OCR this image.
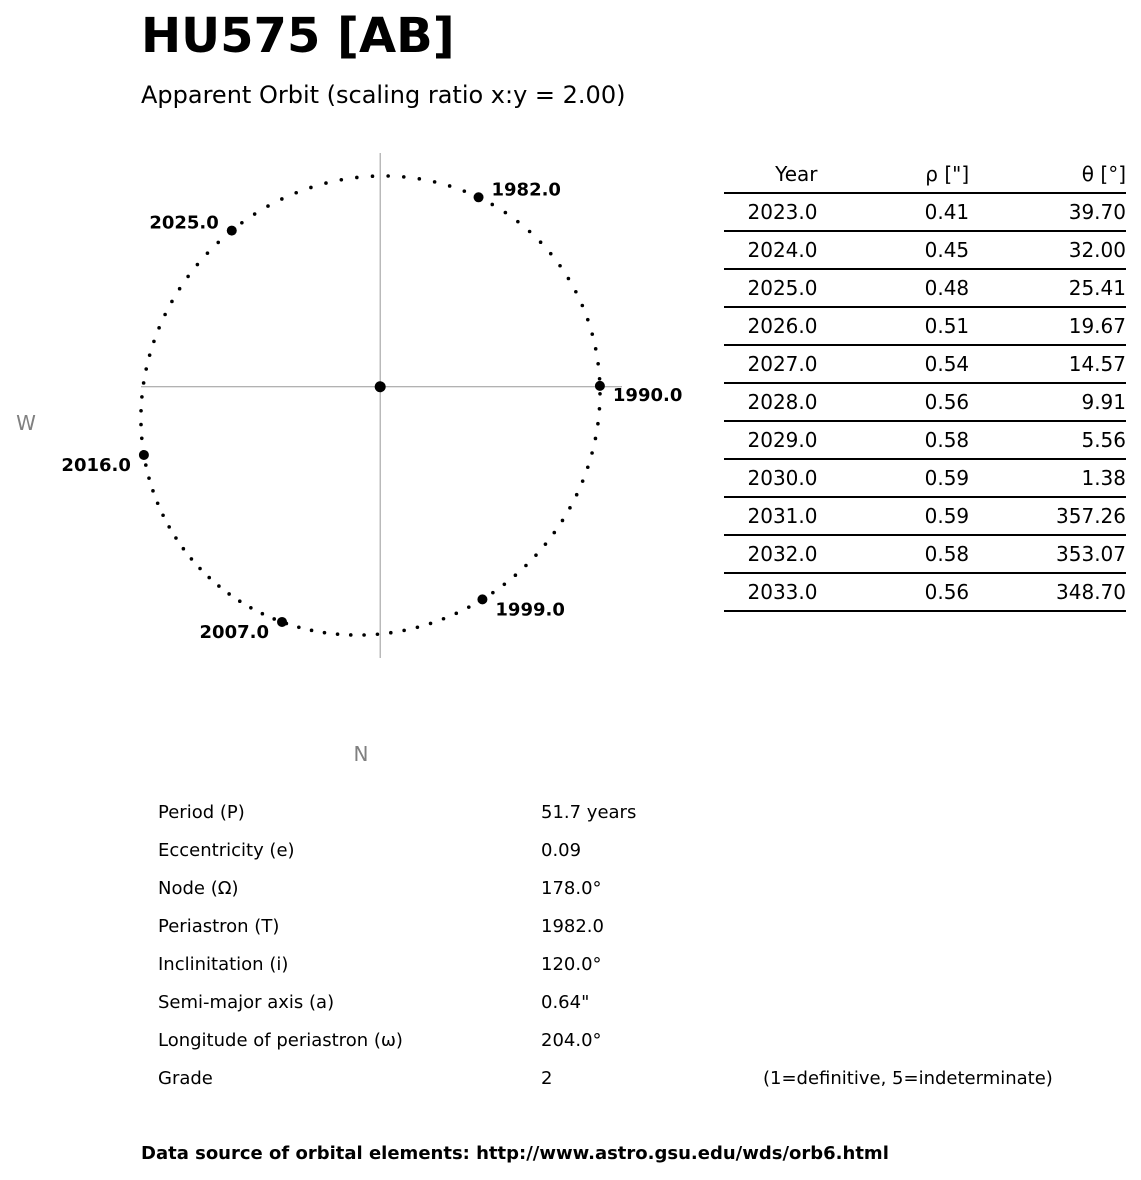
HU575 [AB]
Apparent Orbit (scaling ratio x:y = 2.00)
1982.0
1990.0
1999.0
2007.0
2016.0
2025.0
W
N
Year	ρ ["]	θ [°]
2023.0	0.41	39.70
2024.0	0.45	32.00
2025.0	0.48	25.41
2026.0	0.51	19.67
2027.0	0.54	14.57
2028.0	0.56	9.91
2029.0	0.58	5.56
2030.0	0.59	1.38
2031.0	0.59	357.26
2032.0	0.58	353.07
2033.0	0.56	348.70
Period (P)	51.7 years
Eccentricity (e)	0.09
Node (Ω)	178.0°
Periastron (T)	1982.0
Inclinitation (i)	120.0°
Semi-major axis (a)	0.64"
Longitude of periastron (ω)	204.0°
Grade	2	(1=definitive, 5=indeterminate)
Data source of orbital elements: http://www.astro.gsu.edu/wds/orb6.html
